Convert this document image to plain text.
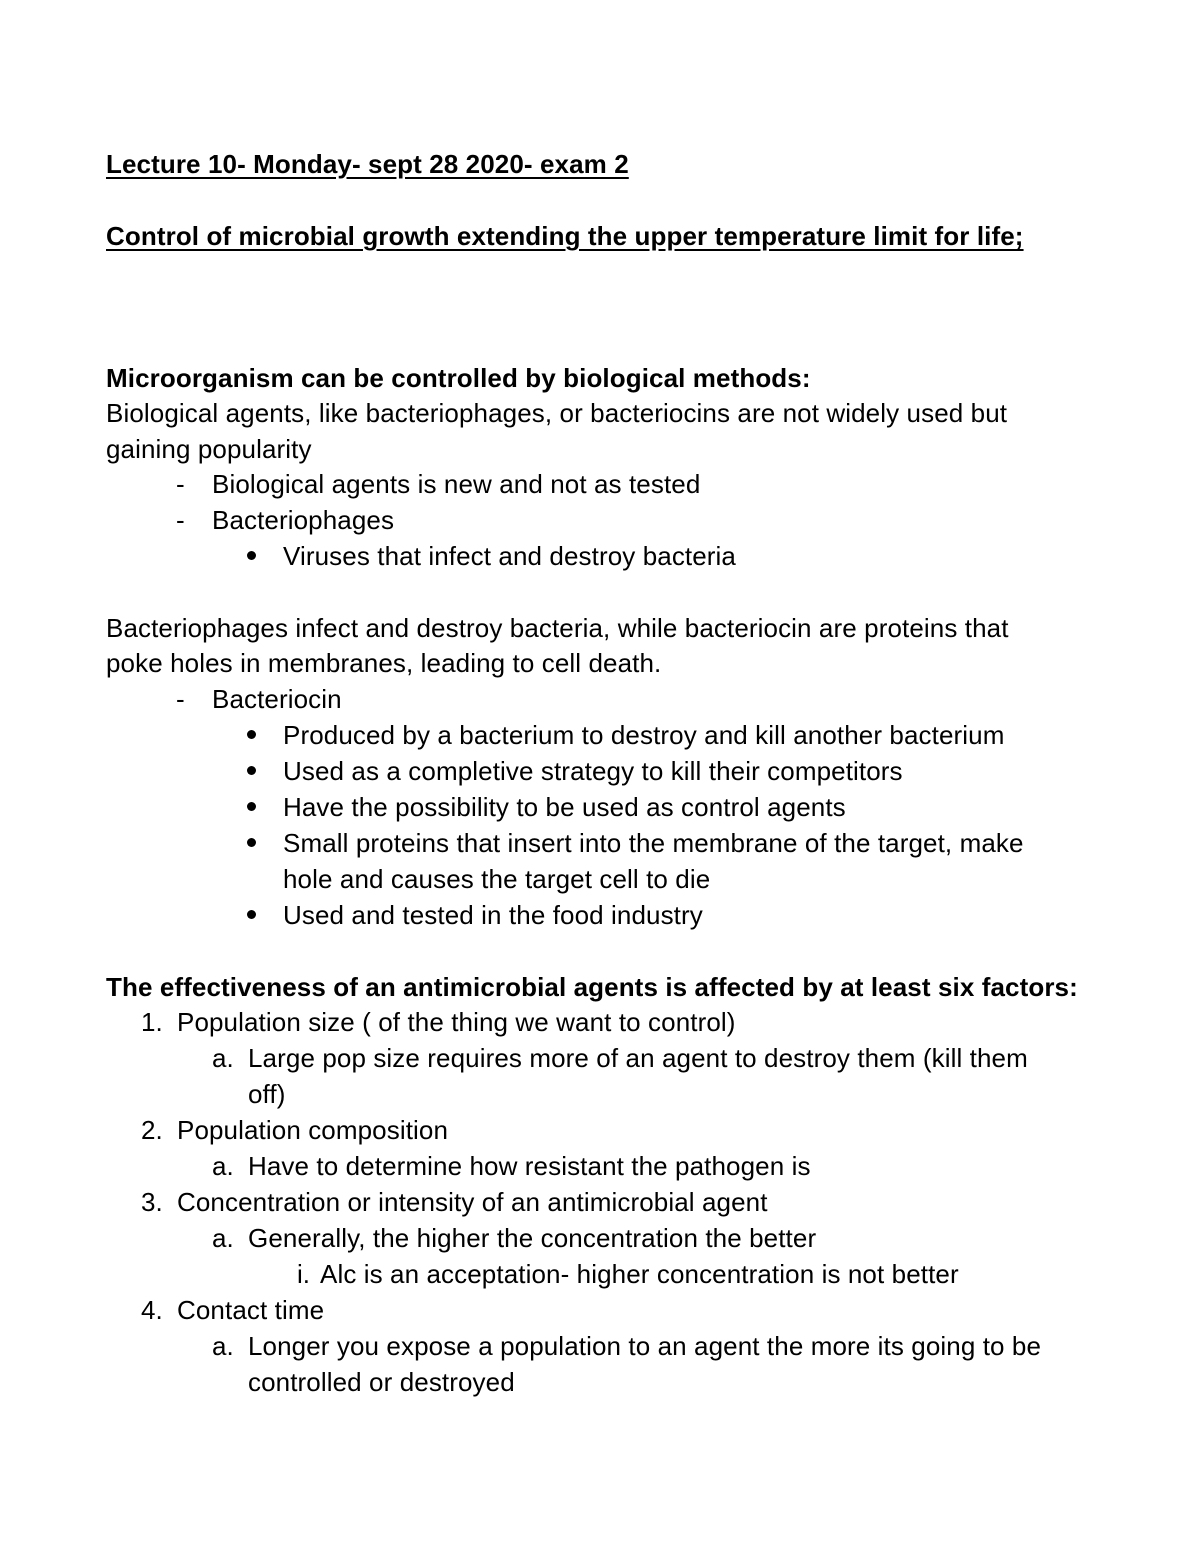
Lecture 10- Monday- sept 28 2020- exam 2
Control of microbial growth extending the upper temperature limit for life;
Microorganism can be controlled by biological methods:
Biological agents, like bacteriophages, or bacteriocins are not widely used but
gaining popularity
- Biological agents is new and not as tested
- Bacteriophages
Viruses that infect and destroy bacteria
Bacteriophages infect and destroy bacteria, while bacteriocin are proteins that
poke holes in membranes, leading to cell death.
- Bacteriocin
Produced by a bacterium to destroy and kill another bacterium
Used as a completive strategy to kill their competitors
Have the possibility to be used as control agents
Small proteins that insert into the membrane of the target, make
hole and causes the target cell to die
Used and tested in the food industry
The effectiveness of an antimicrobial agents is affected by at least six factors:
1. Population size ( of the thing we want to control)
a. Large pop size requires more of an agent to destroy them (kill them
off)
2. Population composition
a. Have to determine how resistant the pathogen is
3. Concentration or intensity of an antimicrobial agent
a. Generally, the higher the concentration the better
i. Alc is an acceptation- higher concentration is not better
4. Contact time
a. Longer you expose a population to an agent the more its going to be
controlled or destroyed
